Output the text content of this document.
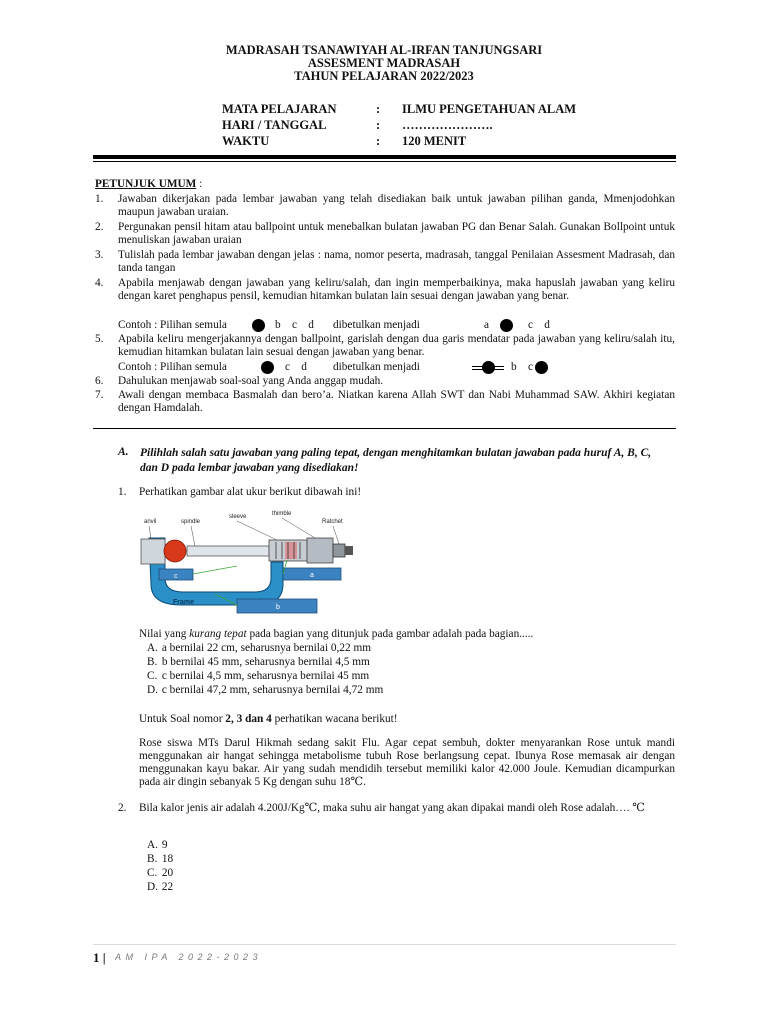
MADRASAH TSANAWIYAH AL-IRFAN TANJUNGSARI
ASSESMENT MADRASAH
TAHUN PELAJARAN 2022/2023
MATA PELAJARAN	: ILMU PENGETAHUAN ALAM
HARI / TANGGAL	: ………………….
WAKTU	: 120 MENIT
PETUNJUK UMUM :
1. Jawaban dikerjakan pada lembar jawaban yang telah disediakan baik untuk jawaban pilihan ganda, Mmenjodohkan maupun jawaban uraian.
2. Pergunakan pensil hitam atau ballpoint untuk menebalkan bulatan jawaban PG dan Benar Salah. Gunakan Bollpoint untuk menuliskan jawaban uraian
3. Tulislah pada lembar jawaban dengan jelas : nama, nomor peserta, madrasah, tanggal Penilaian Assesment Madrasah, dan tanda tangan
4. Apabila menjawab dengan jawaban yang keliru/salah, dan ingin memperbaikinya, maka hapuslah jawaban yang keliru dengan karet penghapus pensil, kemudian hitamkan bulatan lain sesuai dengan jawaban yang benar.
Contoh : Pilihan semula	b    c    d dibetulkan menjadi	a	c    d
5. Apabila keliru mengerjakannya dengan ballpoint, garislah dengan dua garis mendatar pada jawaban yang keliru/salah itu, kemudian hitamkan bulatan lain sesuai dengan jawaban yang benar.
Contoh : Pilihan semula	c    d dibetulkan menjadi	b    c
6. Dahulukan menjawab soal-soal yang Anda anggap mudah.
7. Awali dengan membaca Basmalah dan bero’a. Niatkan karena Allah SWT dan Nabi Muhammad SAW. Akhiri kegiatan dengan Hamdalah.
A. Pilihlah salah satu jawaban yang paling tepat, dengan menghitamkan bulatan jawaban pada huruf A, B, C, dan D pada lembar jawaban yang disediakan!
1. Perhatikan gambar alat ukur berikut dibawah ini!
anvil	spindle
sleeve	thimble
Ratchet
Frame
c	a
b
Nilai yang kurang tepat pada bagian yang ditunjuk pada gambar adalah pada bagian.....
A. a bernilai 22 cm, seharusnya bernilai 0,22 mm
B. b bernilai 45 mm, seharusnya bernilai 4,5 mm
C. c bernilai 4,5 mm, seharusnya bernilai 45 mm
D. c bernilai 47,2 mm, seharusnya bernilai 4,72 mm
Untuk Soal nomor 2, 3 dan 4 perhatikan wacana berikut!
Rose siswa MTs Darul Hikmah sedang sakit Flu. Agar cepat sembuh, dokter menyarankan Rose untuk mandi menggunakan air hangat sehingga metabolisme tubuh Rose berlangsung cepat. Ibunya Rose memasak air dengan menggunakan kayu bakar. Air yang sudah mendidih tersebut memiliki kalor 42.000 Joule. Kemudian dicampurkan pada air dingin sebanyak 5 Kg dengan suhu 18℃.
2. Bila kalor jenis air adalah 4.200J/Kg℃, maka suhu air hangat yang akan dipakai mandi oleh Rose adalah…. ℃
A. 9
B. 18
C. 20
D. 22
1 | AM IPA 2022-2023
